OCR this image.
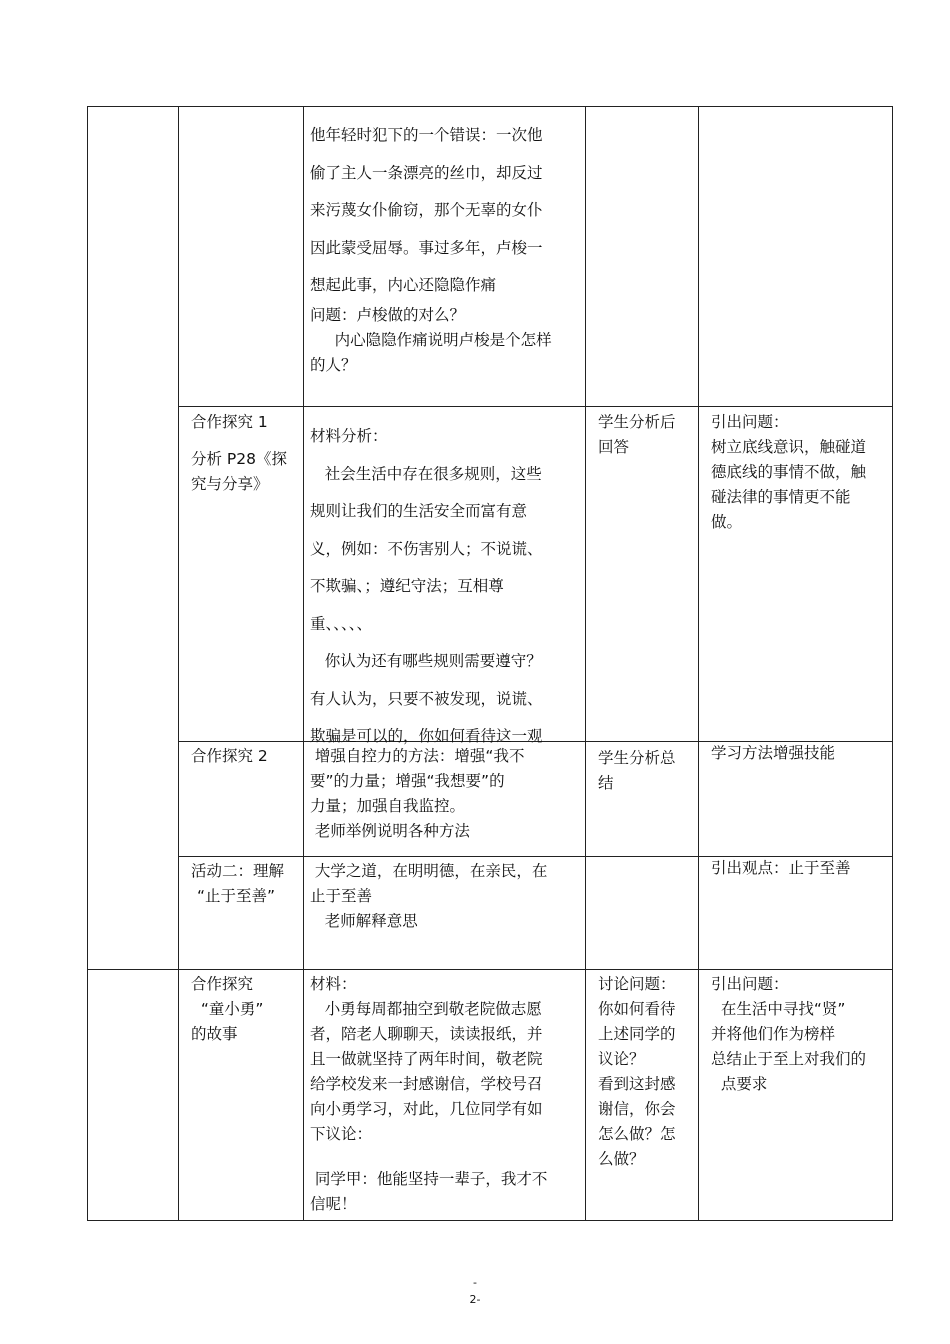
他年轻时犯下的一个错误：一次他
偷了主人一条漂亮的丝巾，却反过
来污蔑女仆偷窃，那个无辜的女仆
因此蒙受屈辱。事过多年，卢梭一
想起此事，内心还隐隐作痛
问题：卢梭做的对么？
内心隐隐作痛说明卢梭是个怎样
的人？
合作探究 1
分析 P28《探
究与分享》
材料分析：
社会生活中存在很多规则，这些
规则让我们的生活安全而富有意
义，例如：不伤害别人；不说谎、
不欺骗、；遵纪守法；互相尊
重、、、、、
你认为还有哪些规则需要遵守？
有人认为，只要不被发现，说谎、
欺骗是可以的，你如何看待这一观
学生分析后
回答
引出问题：
树立底线意识，触碰道
德底线的事情不做，触
碰法律的事情更不能
做。
合作探究 2	增强自控力的方法：增强“我不
要”的力量；增强“我想要”的
力量；加强自我监控。
老师举例说明各种方法
学生分析总
结
学习方法增强技能
活动二：理解
“止于至善”
大学之道，在明明德，在亲民，在
止于至善
老师解释意思
引出观点：止于至善
合作探究
“童小勇”
的故事
材料：
小勇每周都抽空到敬老院做志愿
者，陪老人聊聊天，读读报纸，并
且一做就坚持了两年时间，敬老院
给学校发来一封感谢信，学校号召
向小勇学习，对此，几位同学有如
下议论：
同学甲：他能坚持一辈子，我才不
信呢！
讨论问题：
你如何看待
上述同学的
议论？
看到这封感
谢信，你会
怎么做？怎
么做？
引出问题：
在生活中寻找“贤”
并将他们作为榜样
总结止于至上对我们的
点要求
-
2-
